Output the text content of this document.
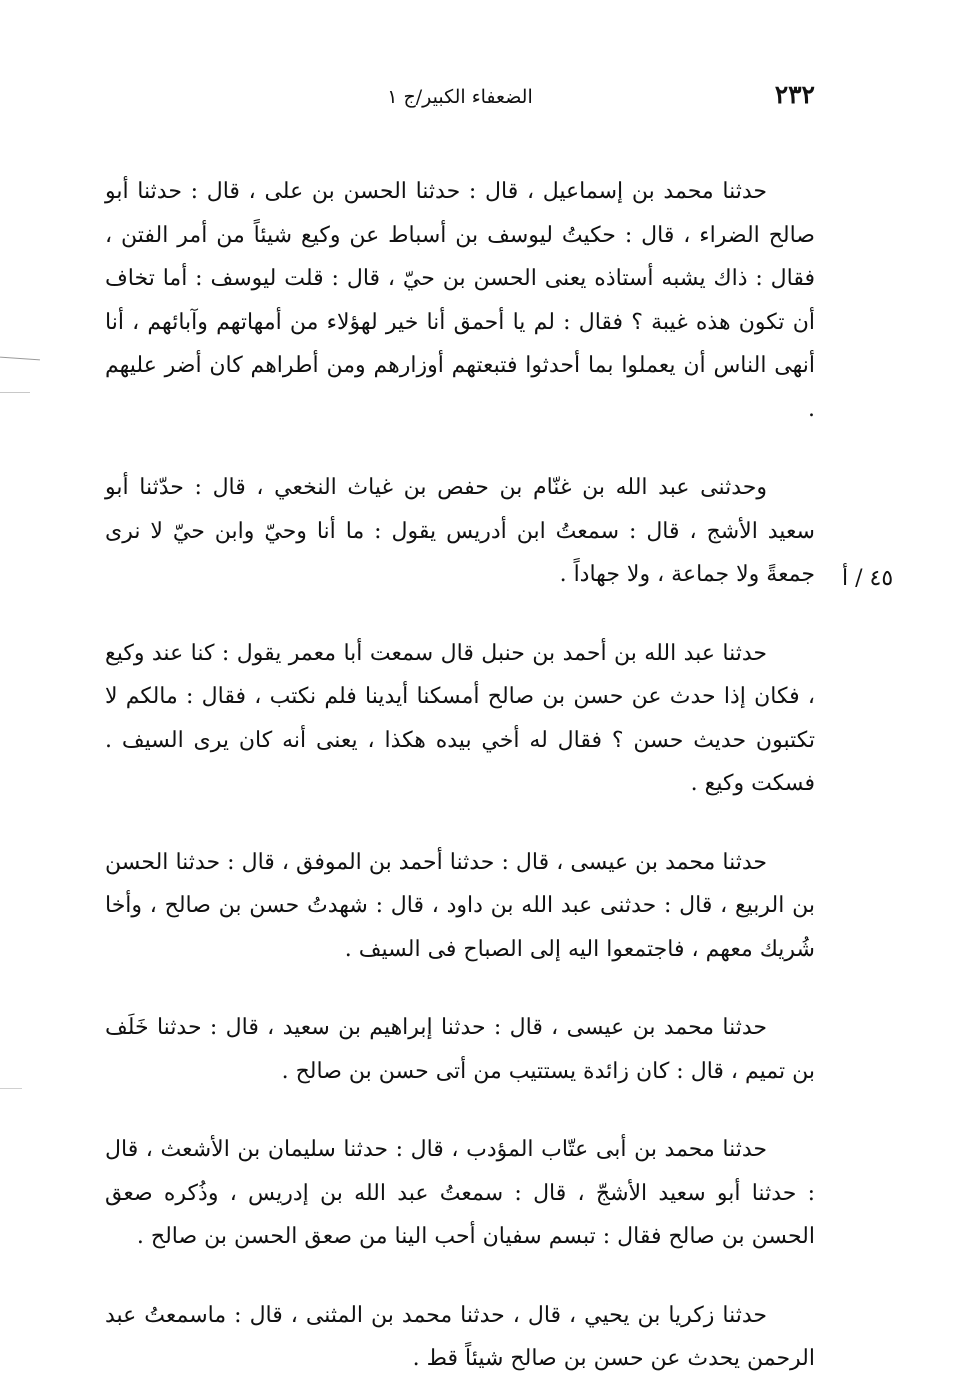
٢٣٢
الضعفاء الكبير/ج ١
٤٥ / أ

حدثنا محمد بن إسماعيل ، قال : حدثنا الحسن بن على ، قال : حدثنا أبو صالح الضراء ، قال : حكيتُ ليوسف بن أسباط عن وكيع شيئاً من أمر الفتن ، فقال : ذاك يشبه أستاذه يعنى الحسن بن حيّ ، قال : قلت ليوسف : أما تخاف أن تكون هذه غيبة ؟ فقال : لم يا أحمق أنا خير لهؤلاء من أمهاتهم وآبائهم ، أنا أنهى الناس أن يعملوا بما أحدثوا فتبعتهم أوزارهم ومن أطراهم كان أضر عليهم .

وحدثنى عبد الله بن غنّام بن حفص بن غياث النخعي ، قال : حدّثنا أبو سعيد الأشج ، قال : سمعتُ ابن أدريس يقول : ما أنا وحيّ وابن حيّ لا نرى جمعةً ولا جماعة ، ولا جهاداً .

حدثنا عبد الله بن أحمد بن حنبل قال سمعت أبا معمر يقول : كنا عند وكيع ، فكان إذا حدث عن حسن بن صالح أمسكنا أيدينا فلم نكتب ، فقال : مالكم لا تكتبون حديث حسن ؟ فقال له أخي بيده هكذا ، يعنى أنه كان يرى السيف . فسكت وكيع .

حدثنا محمد بن عيسى ، قال : حدثنا أحمد بن الموفق ، قال : حدثنا الحسن بن الربيع ، قال : حدثنى عبد الله بن داود ، قال : شهدتُ حسن بن صالح ، وأخا شُريك معهم ، فاجتمعوا اليه إلى الصباح فى السيف .

حدثنا محمد بن عيسى ، قال : حدثنا إبراهيم بن سعيد ، قال : حدثنا خَلَف بن تميم ، قال : كان زائدة يستتيب من أتى حسن بن صالح .

حدثنا محمد بن أبى عتّاب المؤدب ، قال : حدثنا سليمان بن الأشعث ، قال : حدثنا أبو سعيد الأشجّ ، قال : سمعتُ عبد الله بن إدريس ، وذُكره صعق الحسن بن صالح فقال : تبسم سفيان أحب الينا من صعق الحسن بن صالح .

حدثنا زكريا بن يحيي ، قال ، حدثنا محمد بن المثنى ، قال : ماسمعتُ عبد الرحمن يحدث عن حسن بن صالح شيئاً قط .
